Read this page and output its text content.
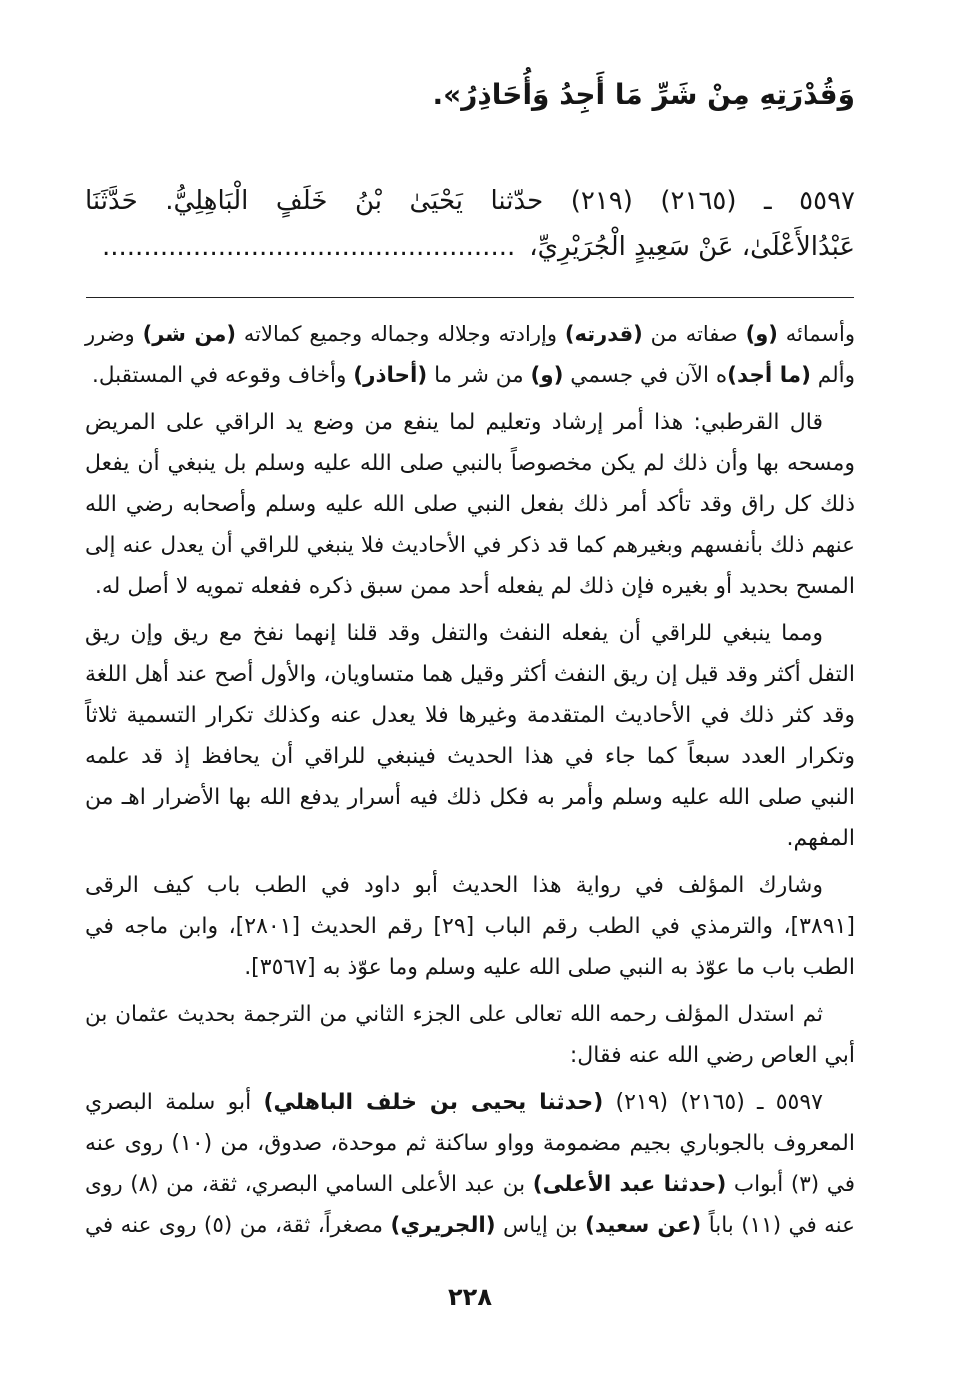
وَقُدْرَتِهِ مِنْ شَرِّ مَا أَجِدُ وَأُحَاذِرُ».
٥٥٩٧ ـ (٢١٦٥) (٢١٩) حدّثنا يَحْيَىٰ بْنُ خَلَفٍ الْبَاهِلِيُّ. حَدَّثَنَا
عَبْدُالأَعْلَىٰ، عَنْ سَعِيدٍ الْجُرَيْرِيِّ،
..................................................
وأسمائه (و) صفاته من (قدرته) وإرادته وجلاله وجماله وجميع كمالاته (من شر) وضرر
وألم (ما أجد)ه الآن في جسمي (و) من شر ما (أحاذر) وأخاف وقوعه في المستقبل.
قال القرطبي: هذا أمر إرشاد وتعليم لما ينفع من وضع يد الراقي على المريض
ومسحه بها وأن ذلك لم يكن مخصوصاً بالنبي صلى الله عليه وسلم بل ينبغي أن يفعل
ذلك كل راق وقد تأكد أمر ذلك بفعل النبي صلى الله عليه وسلم وأصحابه رضي الله
عنهم ذلك بأنفسهم وبغيرهم كما قد ذكر في الأحاديث فلا ينبغي للراقي أن يعدل عنه إلى
المسح بحديد أو بغيره فإن ذلك لم يفعله أحد ممن سبق ذكره ففعله تمويه لا أصل له.
ومما ينبغي للراقي أن يفعله النفث والتفل وقد قلنا إنهما نفخ مع ريق وإن ريق
التفل أكثر وقد قيل إن ريق النفث أكثر وقيل هما متساويان، والأول أصح عند أهل اللغة
وقد كثر ذلك في الأحاديث المتقدمة وغيرها فلا يعدل عنه وكذلك تكرار التسمية ثلاثاً
وتكرار العدد سبعاً كما جاء في هذا الحديث فينبغي للراقي أن يحافظ إذ قد علمه
النبي صلى الله عليه وسلم وأمر به فكل ذلك فيه أسرار يدفع الله بها الأضرار اهـ من
المفهم.
وشارك المؤلف في رواية هذا الحديث أبو داود في الطب باب كيف الرقى
[٣٨٩١]، والترمذي في الطب رقم الباب [٢٩] رقم الحديث [٢٨٠١]، وابن ماجه في
الطب باب ما عوّذ به النبي صلى الله عليه وسلم وما عوّذ به [٣٥٦٧].
ثم استدل المؤلف رحمه الله تعالى على الجزء الثاني من الترجمة بحديث عثمان بن
أبي العاص رضي الله عنه فقال:
٥٥٩٧ ـ (٢١٦٥) (٢١٩) (حدثنا يحيى بن خلف الباهلي) أبو سلمة البصري
المعروف بالجوباري بجيم مضمومة وواو ساكنة ثم موحدة، صدوق، من (١٠) روى عنه
في (٣) أبواب (حدثنا عبد الأعلى) بن عبد الأعلى السامي البصري، ثقة، من (٨) روى
عنه في (١١) باباً (عن سعيد) بن إياس (الجريري) مصغراً، ثقة، من (٥) روى عنه في
٢٢٨
